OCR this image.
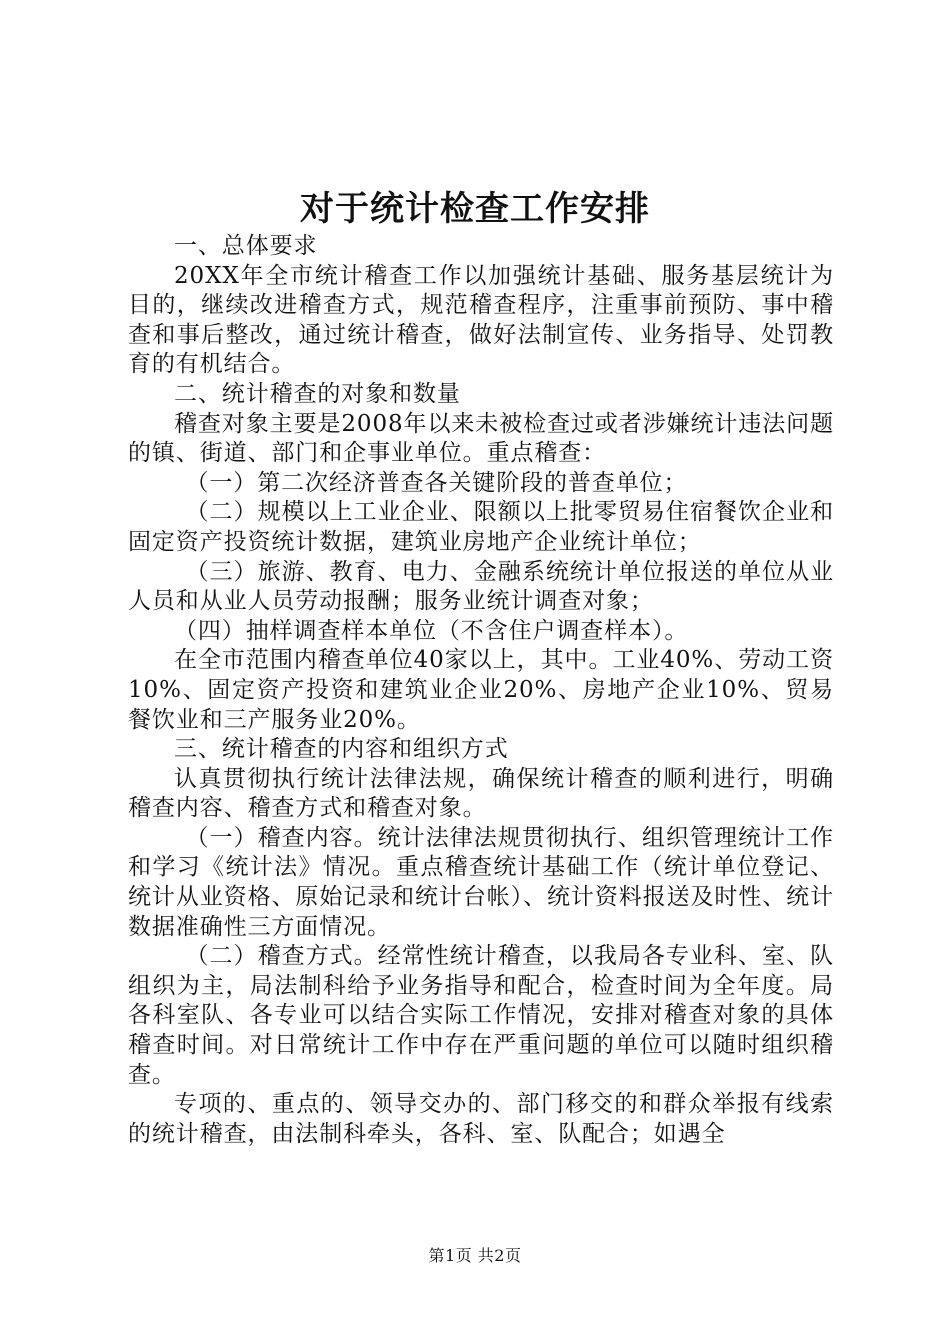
对于统计检查工作安排

一、总体要求

20XX年全市统计稽查工作以加强统计基础、服务基层统计为目的，继续改进稽查方式，规范稽查程序，注重事前预防、事中稽查和事后整改，通过统计稽查，做好法制宣传、业务指导、处罚教育的有机结合。

二、统计稽查的对象和数量

稽查对象主要是2008年以来未被检查过或者涉嫌统计违法问题的镇、街道、部门和企事业单位。重点稽查：

（一）第二次经济普查各关键阶段的普查单位；

（二）规模以上工业企业、限额以上批零贸易住宿餐饮企业和固定资产投资统计数据，建筑业房地产企业统计单位；

（三）旅游、教育、电力、金融系统统计单位报送的单位从业人员和从业人员劳动报酬；服务业统计调查对象；

（四）抽样调查样本单位（不含住户调查样本）。

在全市范围内稽查单位40家以上，其中。工业40%、劳动工资10%、固定资产投资和建筑业企业20%、房地产企业10%、贸易餐饮业和三产服务业20%。

三、统计稽查的内容和组织方式

认真贯彻执行统计法律法规，确保统计稽查的顺利进行，明确稽查内容、稽查方式和稽查对象。

（一）稽查内容。统计法律法规贯彻执行、组织管理统计工作和学习《统计法》情况。重点稽查统计基础工作（统计单位登记、统计从业资格、原始记录和统计台帐）、统计资料报送及时性、统计数据准确性三方面情况。

（二）稽查方式。经常性统计稽查，以我局各专业科、室、队组织为主，局法制科给予业务指导和配合，检查时间为全年度。局各科室队、各专业可以结合实际工作情况，安排对稽查对象的具体稽查时间。对日常统计工作中存在严重问题的单位可以随时组织稽查。

专项的、重点的、领导交办的、部门移交的和群众举报有线索的统计稽查，由法制科牵头，各科、室、队配合；如遇全

第1页 共2页
